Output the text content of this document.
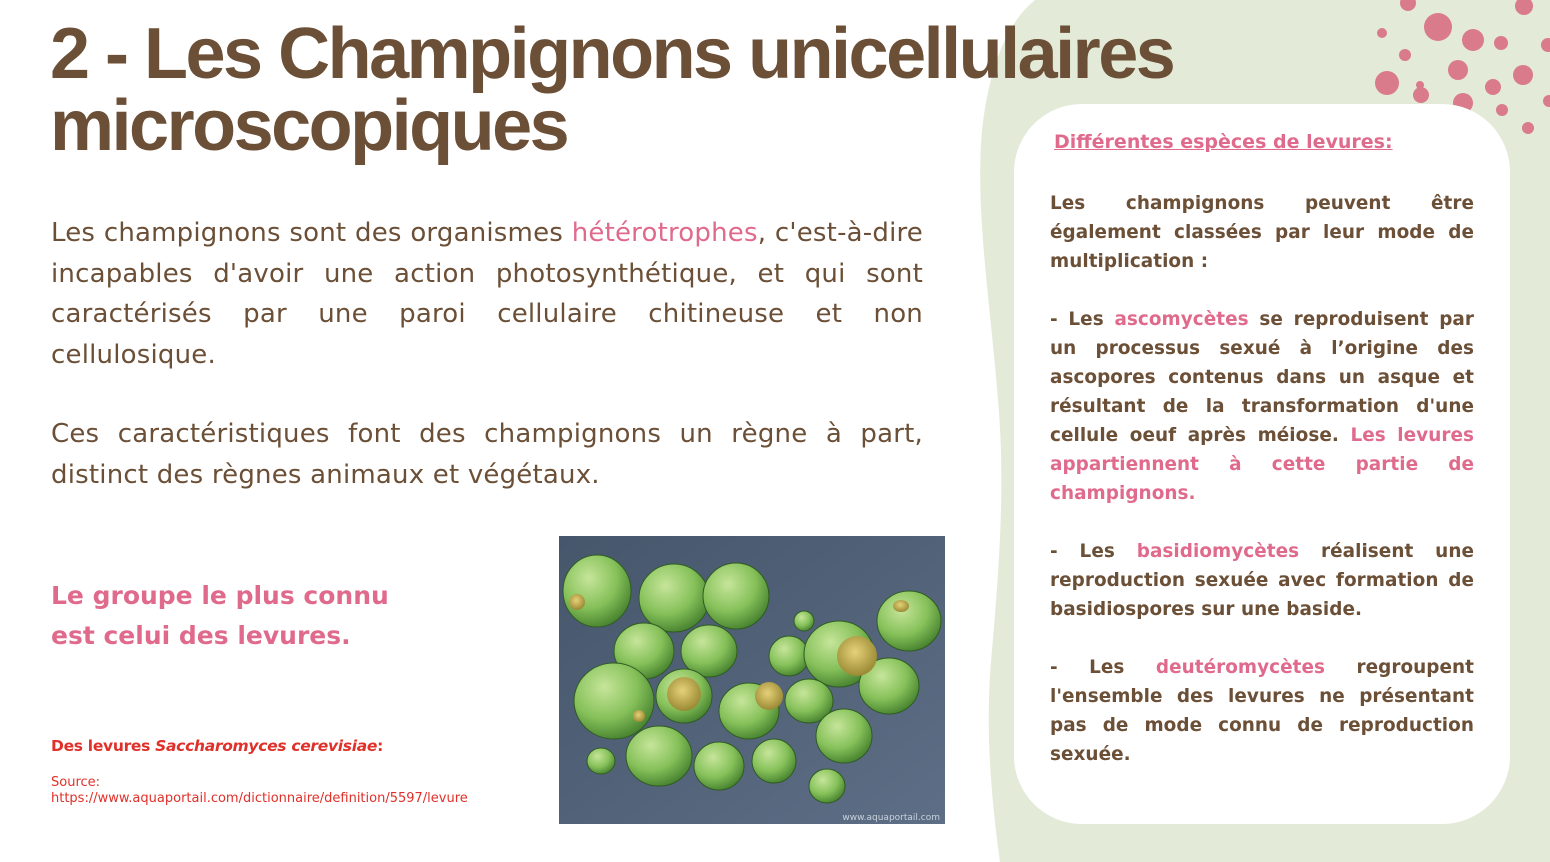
2 - Les Champignons unicellulaires
microscopiques

Les champignons sont des organismes hétérotrophes, c'est-à-dire incapables d'avoir une action photosynthétique, et qui sont caractérisés par une paroi cellulaire chitineuse et non cellulosique.

Ces caractéristiques font des champignons un règne à part, distinct des règnes animaux et végétaux.

Le groupe le plus connu
est celui des levures.

Des levures Saccharomyces cerevisiae:

Source:
https://www.aquaportail.com/dictionnaire/definition/5597/levure

www.aquaportail.com

Différentes espèces de levures:

Les champignons peuvent être également classées par leur mode de multiplication :

- Les ascomycètes se reproduisent par un processus sexué à l’origine des ascopores contenus dans un asque et résultant de la transformation d'une cellule oeuf après méiose. Les levures appartiennent à cette partie de champignons.

- Les basidiomycètes réalisent une reproduction sexuée avec formation de basidiospores sur une baside.

- Les deutéromycètes regroupent l'ensemble des levures ne présentant pas de mode connu de reproduction sexuée.
